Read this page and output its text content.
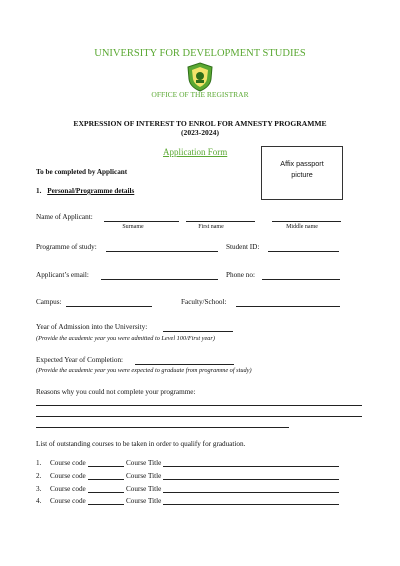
UNIVERSITY FOR DEVELOPMENT STUDIES
OFFICE OF THE REGISTRAR
EXPRESSION OF INTEREST TO ENROL FOR AMNESTY PROGRAMME
(2023-2024)
Application Form
Affix passport
picture
To be completed by Applicant
1. Personal/Programme details
Name of Applicant:
Surname	First name	Middle name
Programme of study:	Student ID:
Applicant’s email:	Phone no:
Campus:	Faculty/School:
Year of Admission into the University:
(Provide the academic year you were admitted to Level 100/First year)
Expected Year of Completion:
(Provide the academic year you were expected to graduate from programme of study)
Reasons why you could not complete your programme:
List of outstanding courses to be taken in order to qualify for graduation.
1. Course code	Course Title
2. Course code	Course Title
3. Course code	Course Title
4. Course code	Course Title
